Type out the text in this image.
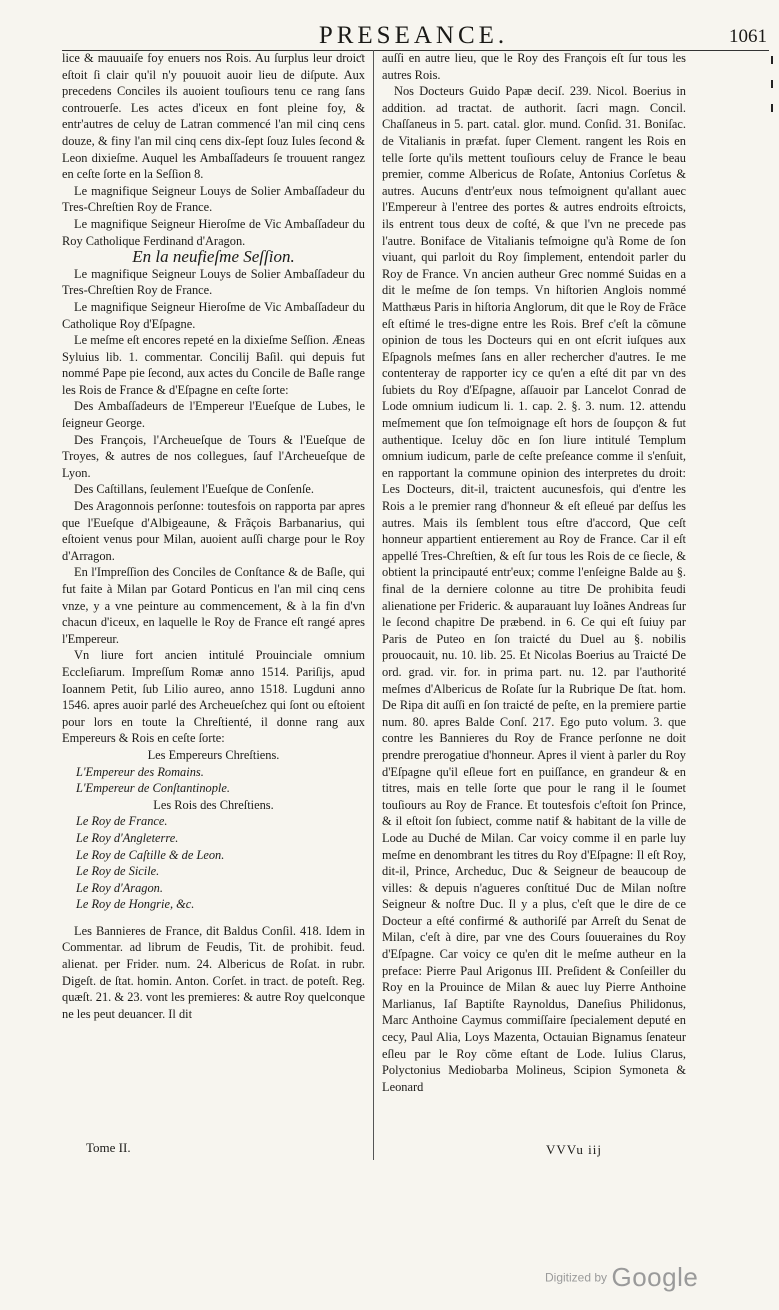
PRESEANCE.	1061

lice & mauuaiſe foy enuers nos Rois. Au ſurplus leur droiƈt eſtoit ſi clair qu'il n'y pouuoit auoir lieu de diſpute. Aux precedens Conciles ils auoient touſiours tenu ce rang ſans controuerſe. Les actes d'iceux en font pleine foy, & entr'autres de celuy de Latran commencé l'an mil cinq cens douze, & finy l'an mil cinq cens dix-ſept ſouz Iules ſecond & Leon dixieſme. Auquel les Ambaſſadeurs ſe trouuent rangez en ceſte ſorte en la Seſſion 8.

Le magnifique Seigneur Louys de Solier Ambaſſadeur du Tres-Chreſtien Roy de France.

Le magnifique Seigneur Hieroſme de Vic Ambaſſadeur du Roy Catholique Ferdinand d'Aragon.

En la neufieſme Seſſion.

Le magnifique Seigneur Louys de Solier Ambaſſadeur du Tres-Chreſtien Roy de France.

Le magnifique Seigneur Hieroſme de Vic Ambaſſadeur du Catholique Roy d'Eſpagne.

Le meſme eſt encores repeté en la dixieſme Seſſion. Æneas Syluius lib. 1. commentar. Concilij Baſil. qui depuis fut nommé Pape pie ſecond, aux actes du Concile de Baſle range les Rois de France & d'Eſpagne en ceſte ſorte:

Des Ambaſſadeurs de l'Empereur l'Eueſque de Lubes, le ſeigneur George.

Des François, l'Archeueſque de Tours & l'Eueſque de Troyes, & autres de nos collegues, ſauf l'Archeueſque de Lyon.

Des Caſtillans, ſeulement l'Eueſque de Conſenſe.

Des Aragonnois perſonne: toutesfois on rapporta par apres que l'Eueſque d'Albigeaune, & Frãçois Barbanarius, qui eſtoient venus pour Milan, auoient auſſi charge pour le Roy d'Arragon.

En l'Impreſſion des Conciles de Conſtance & de Baſle, qui fut faite à Milan par Gotard Ponticus en l'an mil cinq cens vnze, y a vne peinture au commencement, & à la fin d'vn chacun d'iceux, en laquelle le Roy de France eſt rangé apres l'Empereur.

Vn liure fort ancien intitulé Prouinciale omnium Eccleſiarum. Impreſſum Romæ anno 1514. Pariſijs, apud Ioannem Petit, ſub Lilio aureo, anno 1518. Lugduni anno 1546. apres auoir parlé des Archeueſchez qui ſont ou eſtoient pour lors en toute la Chreſtienté, il donne rang aux Empereurs & Rois en ceſte ſorte:

Les Empereurs Chreſtiens.

L'Empereur des Romains.

L'Empereur de Conſtantinople.

Les Rois des Chreſtiens.

Le Roy de France.

Le Roy d'Angleterre.

Le Roy de Caſtille & de Leon.

Le Roy de Sicile.

Le Roy d'Aragon.

Le Roy de Hongrie, &c.

Les Bannieres de France, dit Baldus Conſil. 418. Idem in Commentar. ad librum de Feudis, Tit. de prohibit. feud. alienat. per Frider. num. 24. Albericus de Roſat. in rubr. Digeſt. de ſtat. homin. Anton. Corſet. in tract. de poteſt. Reg. quæſt. 21. & 23. vont les premieres: & autre Roy quelconque ne les peut deuancer. Il dit

auſſi en autre lieu, que le Roy des François eſt ſur tous les autres Rois.

Nos Docteurs Guido Papæ deciſ. 239. Nicol. Boerius in addition. ad tractat. de authorit. ſacri magn. Concil. Chaſſaneus in 5. part. catal. glor. mund. Conſid. 31. Boniſac. de Vitalianis in præfat. ſuper Clement. rangent les Rois en telle ſorte qu'ils mettent touſiours celuy de France le beau premier, comme Albericus de Roſate, Antonius Corſetus & autres. Aucuns d'entr'eux nous teſmoignent qu'allant auec l'Empereur à l'entree des portes & autres endroits eſtroicts, ils entrent tous deux de coſté, & que l'vn ne precede pas l'autre. Boniface de Vitalianis teſmoigne qu'à Rome de ſon viuant, qui parloit du Roy ſimplement, entendoit parler du Roy de France. Vn ancien autheur Grec nommé Suidas en a dit le meſme de ſon temps. Vn hiſtorien Anglois nommé Matthæus Paris in hiſtoria Anglorum, dit que le Roy de Frãce eſt eſtimé le tres-digne entre les Rois. Bref c'eſt la cõmune opinion de tous les Docteurs qui en ont eſcrit iuſques aux Eſpagnols meſmes ſans en aller rechercher d'autres. Ie me contenteray de rapporter icy ce qu'en a eſté dit par vn des ſubiets du Roy d'Eſpagne, aſſauoir par Lancelot Conrad de Lode omnium iudicum li. 1. cap. 2. §. 3. num. 12. attendu meſmement que ſon teſmoignage eſt hors de ſoupçon & fut authentique. Iceluy dõc en ſon liure intitulé Templum omnium iudicum, parle de ceſte preſeance comme il s'enſuit, en rapportant la commune opinion des interpretes du droit: Les Docteurs, dit-il, traictent aucunesfois, qui d'entre les Rois a le premier rang d'honneur & eſt eſleué par deſſus les autres. Mais ils ſemblent tous eſtre d'accord, Que ceſt honneur appartient entierement au Roy de France. Car il eſt appellé Tres-Chreſtien, & eſt ſur tous les Rois de ce ſiecle, & obtient la principauté entr'eux; comme l'enſeigne Balde au §. final de la derniere colonne au titre De prohibita feudi alienatione per Frideric. & auparauant luy Ioãnes Andreas ſur le ſecond chapitre De præbend. in 6. Ce qui eſt ſuiuy par Paris de Puteo en ſon traicté du Duel au §. nobilis prouocauit, nu. 10. lib. 25. Et Nicolas Boerius au Traicté De ord. grad. vir. for. in prima part. nu. 12. par l'authorité meſmes d'Albericus de Roſate ſur la Rubrique De ſtat. hom. De Ripa dit auſſi en ſon traicté de peſte, en la premiere partie num. 80. apres Balde Conſ. 217. Ego puto volum. 3. que contre les Bannieres du Roy de France perſonne ne doit prendre prerogatiue d'honneur. Apres il vient à parler du Roy d'Eſpagne qu'il eſleue fort en puiſſance, en grandeur & en titres, mais en telle ſorte que pour le rang il le ſoumet touſiours au Roy de France. Et toutesfois c'eſtoit ſon Prince, & il eſtoit ſon ſubiect, comme natif & habitant de la ville de Lode au Duché de Milan. Car voicy comme il en parle luy meſme en denombrant les titres du Roy d'Eſpagne: Il eſt Roy, dit-il, Prince, Archeduc, Duc & Seigneur de beaucoup de villes: & depuis n'agueres conſtitué Duc de Milan noſtre Seigneur & noſtre Duc. Il y a plus, c'eſt que le dire de ce Docteur a eſté confirmé & authoriſé par Arreſt du Senat de Milan, c'eſt à dire, par vne des Cours ſouueraines du Roy d'Eſpagne. Car voicy ce qu'en dit le meſme autheur en la preface: Pierre Paul Arigonus III. Preſident & Conſeiller du Roy en la Prouince de Milan & auec luy Pierre Anthoine Marlianus, Iaſ Baptiſte Raynoldus, Daneſius Philidonus, Marc Anthoine Caymus commiſſaire ſpecialement deputé en cecy, Paul Alia, Loys Mazenta, Octauian Bignamus ſenateur eſleu par le Roy cõme eſtant de Lode. Iulius Clarus, Polyctonius Mediobarba Molineus, Scipion Symoneta & Leonard

Tome II.	VVVu iij
Digitized by Google
